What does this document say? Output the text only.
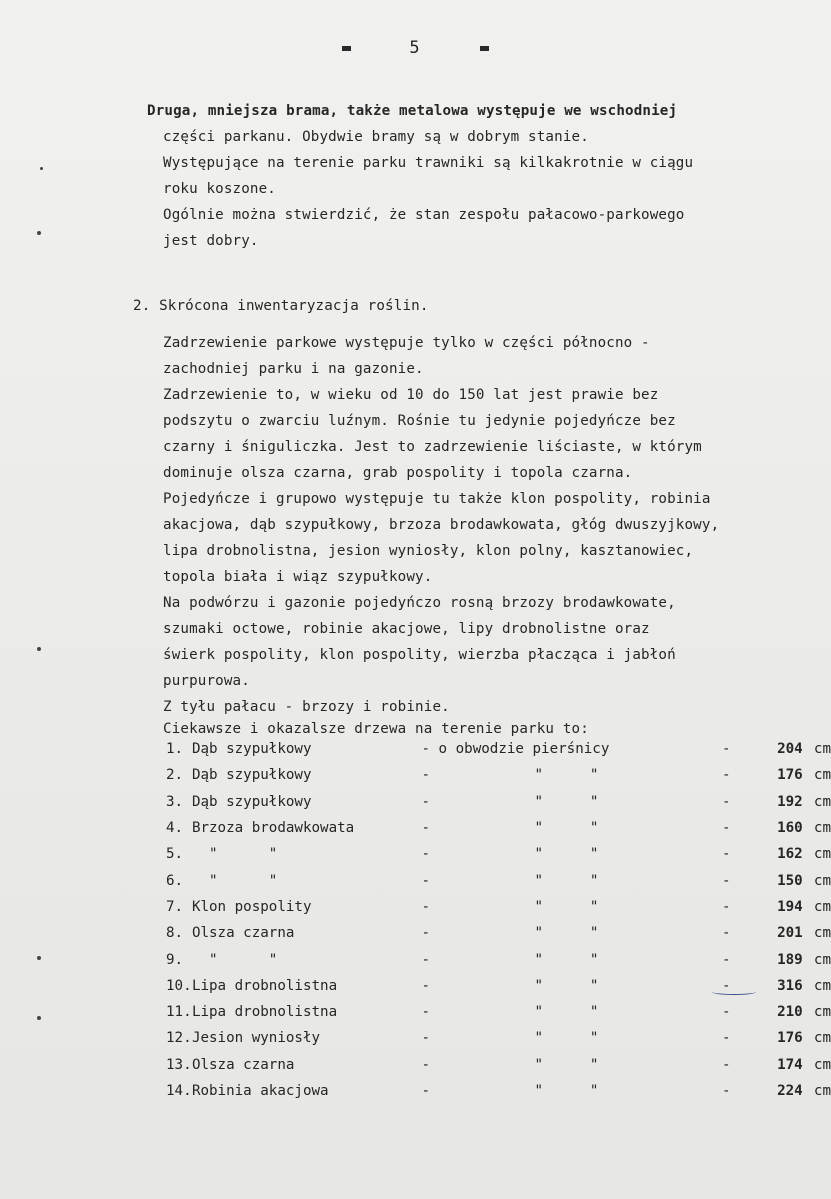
5
Druga, mniejsza brama, także metalowa występuje we wschodniej
części parkanu. Obydwie bramy są w dobrym stanie.
Występujące na terenie parku trawniki są kilkakrotnie w ciągu
roku koszone.
Ogólnie można stwierdzić, że stan zespołu pałacowo-parkowego
jest dobry.
2. Skrócona inwentaryzacja roślin.
Zadrzewienie parkowe występuje tylko w części północno -
zachodniej parku i na gazonie.
Zadrzewienie to, w wieku od 10 do 150 lat jest prawie bez
podszytu o zwarciu luźnym. Rośnie tu jedynie pojedyńcze bez
czarny i śniguliczka. Jest to zadrzewienie liściaste, w którym
dominuje olsza czarna, grab pospolity i topola czarna.
Pojedyńcze i grupowo występuje tu także klon pospolity, robinia
akacjowa, dąb szypułkowy, brzoza brodawkowata, głóg dwuszyjkowy,
lipa drobnolistna, jesion wyniosły, klon polny, kasztanowiec,
topola biała i wiąz szypułkowy.
Na podwórzu i gazonie pojedyńczo rosną brzozy brodawkowate,
szumaki octowe, robinie akacjowe, lipy drobnolistne oraz
świerk pospolity, klon pospolity, wierzba płacząca i jabłoń
purpurowa.
Z tyłu pałacu - brzozy i robinie.
Ciekawsze i okazalsze drzewa na terenie parku to:
1.	Dąb szypułkowy	- o obwodzie pierśnicy			-	204	cm
2.	Dąb szypułkowy	-	"	"	-	176	cm
3.	Dąb szypułkowy	-	"	"	-	192	cm
4.	Brzoza brodawkowata	-	"	"	-	160	cm
5.	"      "	-	"	"	-	162	cm
6.	"      "	-	"	"	-	150	cm
7.	Klon pospolity	-	"	"	-	194	cm
8.	Olsza czarna	-	"	"	-	201	cm
9.	"      "	-	"	"	-	189	cm
10.	Lipa drobnolistna	-	"	"	-	316	cm
11.	Lipa drobnolistna	-	"	"	-	210	cm
12.	Jesion wyniosły	-	"	"	-	176	cm
13.	Olsza czarna	-	"	"	-	174	cm
14.	Robinia akacjowa	-	"	"	-	224	cm
